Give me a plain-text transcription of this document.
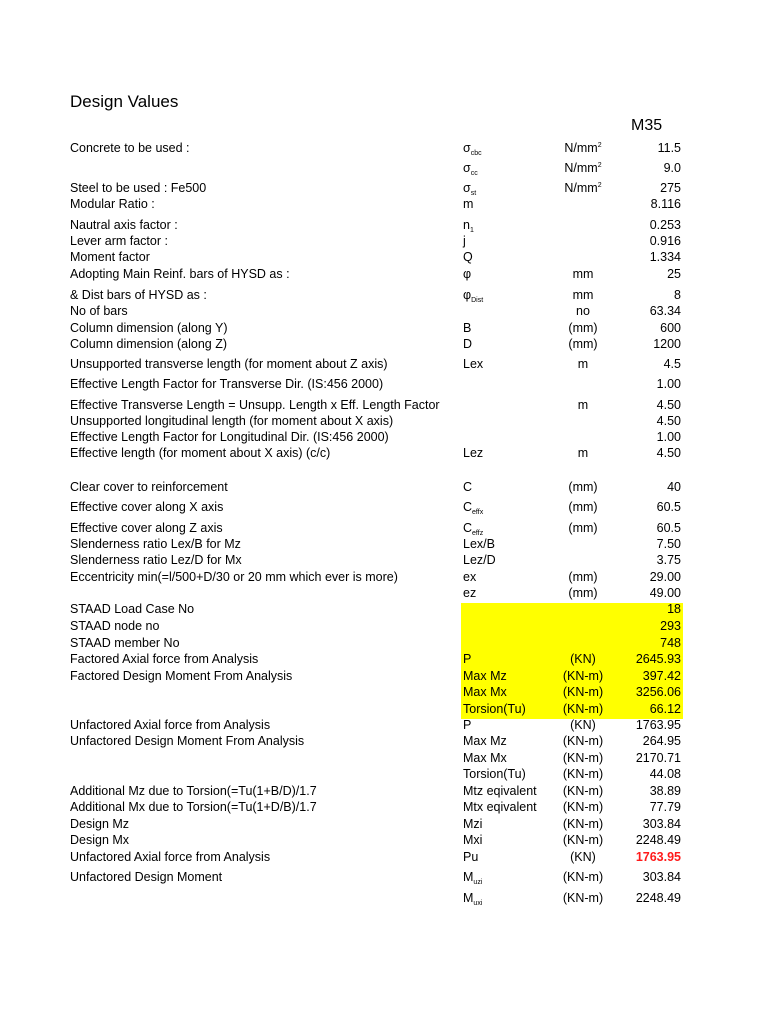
Design Values
M35
Concrete to be used :	$\sigma_{cbc}$	$N/mm^2$	11.5
$\sigma_{cc}$	$N/mm^2$	9.0
Steel to be used : Fe500	$\sigma_{st}$	$N/mm^2$	275
Modular Ratio :	m	8.116
Nautral axis factor :	$n_1$	0.253
Lever arm factor :	j	0.916
Moment factor	Q	1.334
Adopting Main Reinf. bars of HYSD as :	φ	mm	25
& Dist bars of HYSD as :	$\varphi_{Dist}$	mm	8
No of bars	no	63.34
Column dimension (along Y)	B	(mm)	600
Column dimension (along Z)	D	(mm)	1200
Unsupported transverse length (for moment about Z axis)	Lex	m	4.5
Effective Length Factor for Transverse Dir. (IS:456 2000)	1.00
Effective Transverse Length = Unsupp. Length x Eff. Length Factor	m	4.50
Unsupported longitudinal length (for moment about X axis)	4.50
Effective Length Factor for Longitudinal Dir. (IS:456 2000)	1.00
Effective length (for moment about X axis) (c/c)	Lez	m	4.50
Clear cover to reinforcement	C	(mm)	40
Effective cover along X axis	$C_{effx}$	(mm)	60.5
Effective cover along Z axis	$C_{effz}$	(mm)	60.5
Slenderness ratio Lex/B for Mz	Lex/B	7.50
Slenderness ratio Lez/D for Mx	Lez/D	3.75
Eccentricity min(=l/500+D/30 or 20 mm which ever is more)	ex	(mm)	29.00
ez	(mm)	49.00
STAAD Load Case No	18
STAAD node no	293
STAAD member No	748
Factored Axial force from Analysis	P	(KN)	2645.93
Factored Design Moment From Analysis	Max Mz	(KN-m)	397.42
Max Mx	(KN-m)	3256.06
Torsion(Tu)	(KN-m)	66.12
Unfactored Axial force from Analysis	P	(KN)	1763.95
Unfactored Design Moment From Analysis	Max Mz	(KN-m)	264.95
Max Mx	(KN-m)	2170.71
Torsion(Tu)	(KN-m)	44.08
Additional Mz due to Torsion(=Tu(1+B/D)/1.7	Mtz eqivalent	(KN-m)	38.89
Additional Mx due to Torsion(=Tu(1+D/B)/1.7	Mtx eqivalent	(KN-m)	77.79
Design Mz	Mzi	(KN-m)	303.84
Design Mx	Mxi	(KN-m)	2248.49
Unfactored Axial force from Analysis	Pu	(KN)	1763.95
Unfactored Design Moment	$M_{uzi}$	(KN-m)	303.84
$M_{uxi}$	(KN-m)	2248.49
